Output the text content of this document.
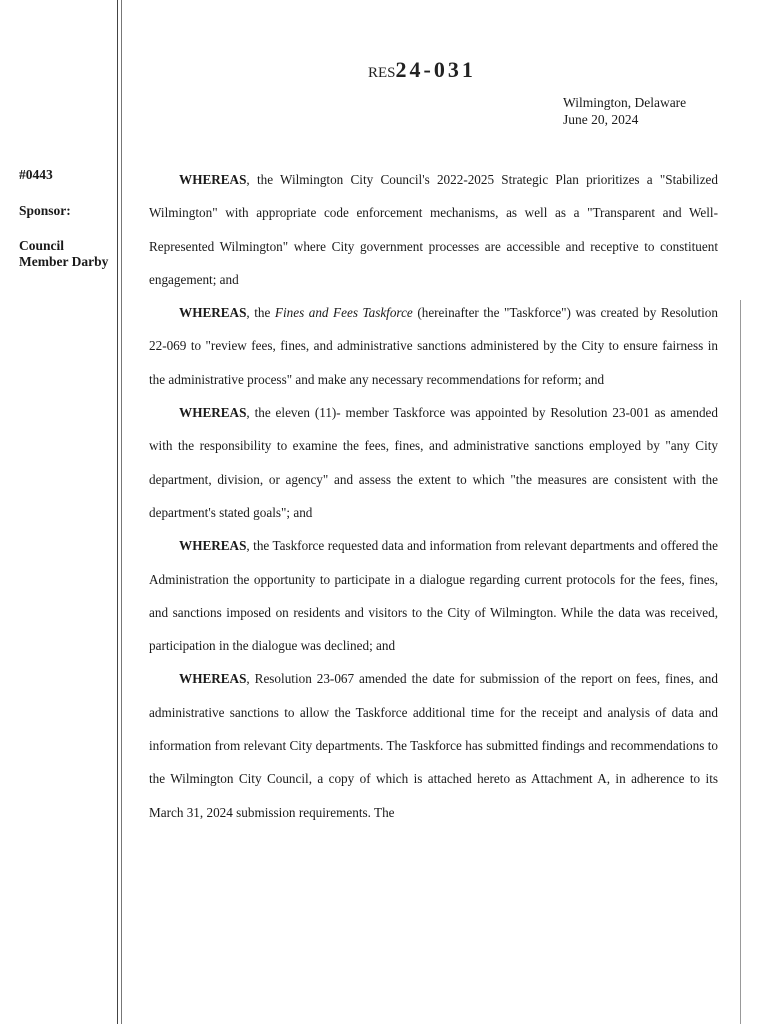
RES24-031
Wilmington, Delaware
June 20, 2024
#0443
Sponsor:
Council Member Darby

WHEREAS, the Wilmington City Council's 2022-2025 Strategic Plan prioritizes a "Stabilized Wilmington" with appropriate code enforcement mechanisms, as well as a "Transparent and Well-Represented Wilmington" where City government processes are accessible and receptive to constituent engagement; and

WHEREAS, the Fines and Fees Taskforce (hereinafter the "Taskforce") was created by Resolution 22-069 to "review fees, fines, and administrative sanctions administered by the City to ensure fairness in the administrative process" and make any necessary recommendations for reform; and

WHEREAS, the eleven (11)- member Taskforce was appointed by Resolution 23-001 as amended with the responsibility to examine the fees, fines, and administrative sanctions employed by "any City department, division, or agency" and assess the extent to which "the measures are consistent with the department's stated goals"; and

WHEREAS, the Taskforce requested data and information from relevant departments and offered the Administration the opportunity to participate in a dialogue regarding current protocols for the fees, fines, and sanctions imposed on residents and visitors to the City of Wilmington. While the data was received, participation in the dialogue was declined; and

WHEREAS, Resolution 23-067 amended the date for submission of the report on fees, fines, and administrative sanctions to allow the Taskforce additional time for the receipt and analysis of data and information from relevant City departments. The Taskforce has submitted findings and recommendations to the Wilmington City Council, a copy of which is attached hereto as Attachment A, in adherence to its March 31, 2024 submission requirements. The
